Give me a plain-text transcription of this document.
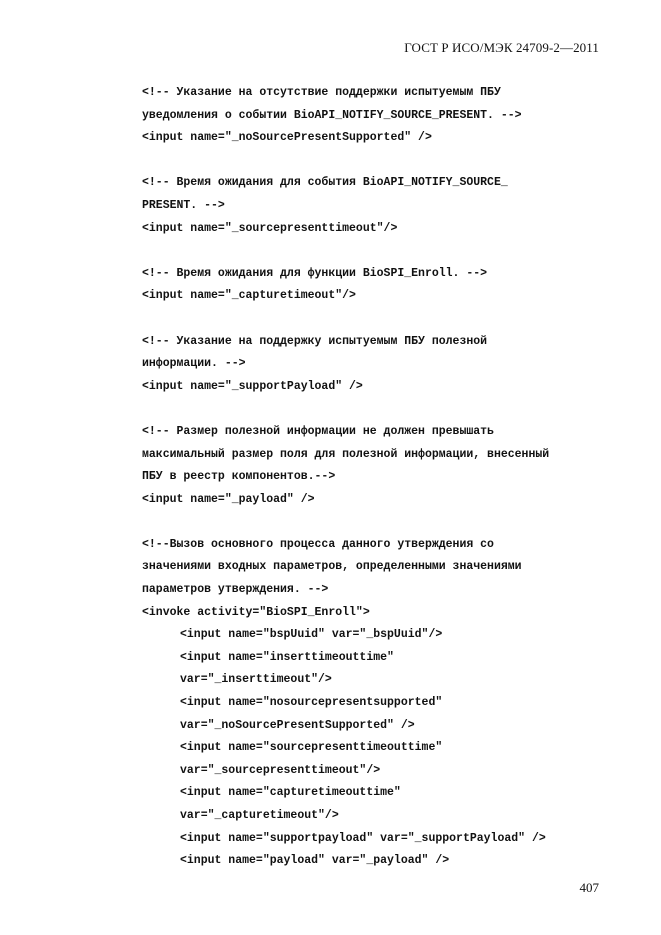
ГОСТ Р ИСО/МЭК 24709-2—2011
<!-- Указание на отсутствие поддержки испытуемым ПБУ
уведомления о событии BioAPI_NOTIFY_SOURCE_PRESENT. -->
<input name="_noSourcePresentSupported" />
<!-- Время ожидания для события BioAPI_NOTIFY_SOURCE_
PRESENT. -->
<input name="_sourcepresenttimeout"/>
<!-- Время ожидания для функции BioSPI_Enroll. -->
<input name="_capturetimeout"/>
<!-- Указание на поддержку испытуемым ПБУ полезной
информации. -->
<input name="_supportPayload" />
<!-- Размер полезной информации не должен превышать
максимальный размер поля для полезной информации, внесенный
ПБУ в реестр компонентов.-->
<input name="_payload" />
<!--Вызов основного процесса данного утверждения со
значениями входных параметров, определенными значениями
параметров утверждения. -->
<invoke activity="BioSPI_Enroll">
<input name="bspUuid" var="_bspUuid"/>
<input name="inserttimeouttime"
var="_inserttimeout"/>
<input name="nosourcepresentsupported"
var="_noSourcePresentSupported" />
<input name="sourcepresenttimeouttime"
var="_sourcepresenttimeout"/>
<input name="capturetimeouttime"
var="_capturetimeout"/>
<input name="supportpayload" var="_supportPayload" />
<input name="payload" var="_payload" />
407
